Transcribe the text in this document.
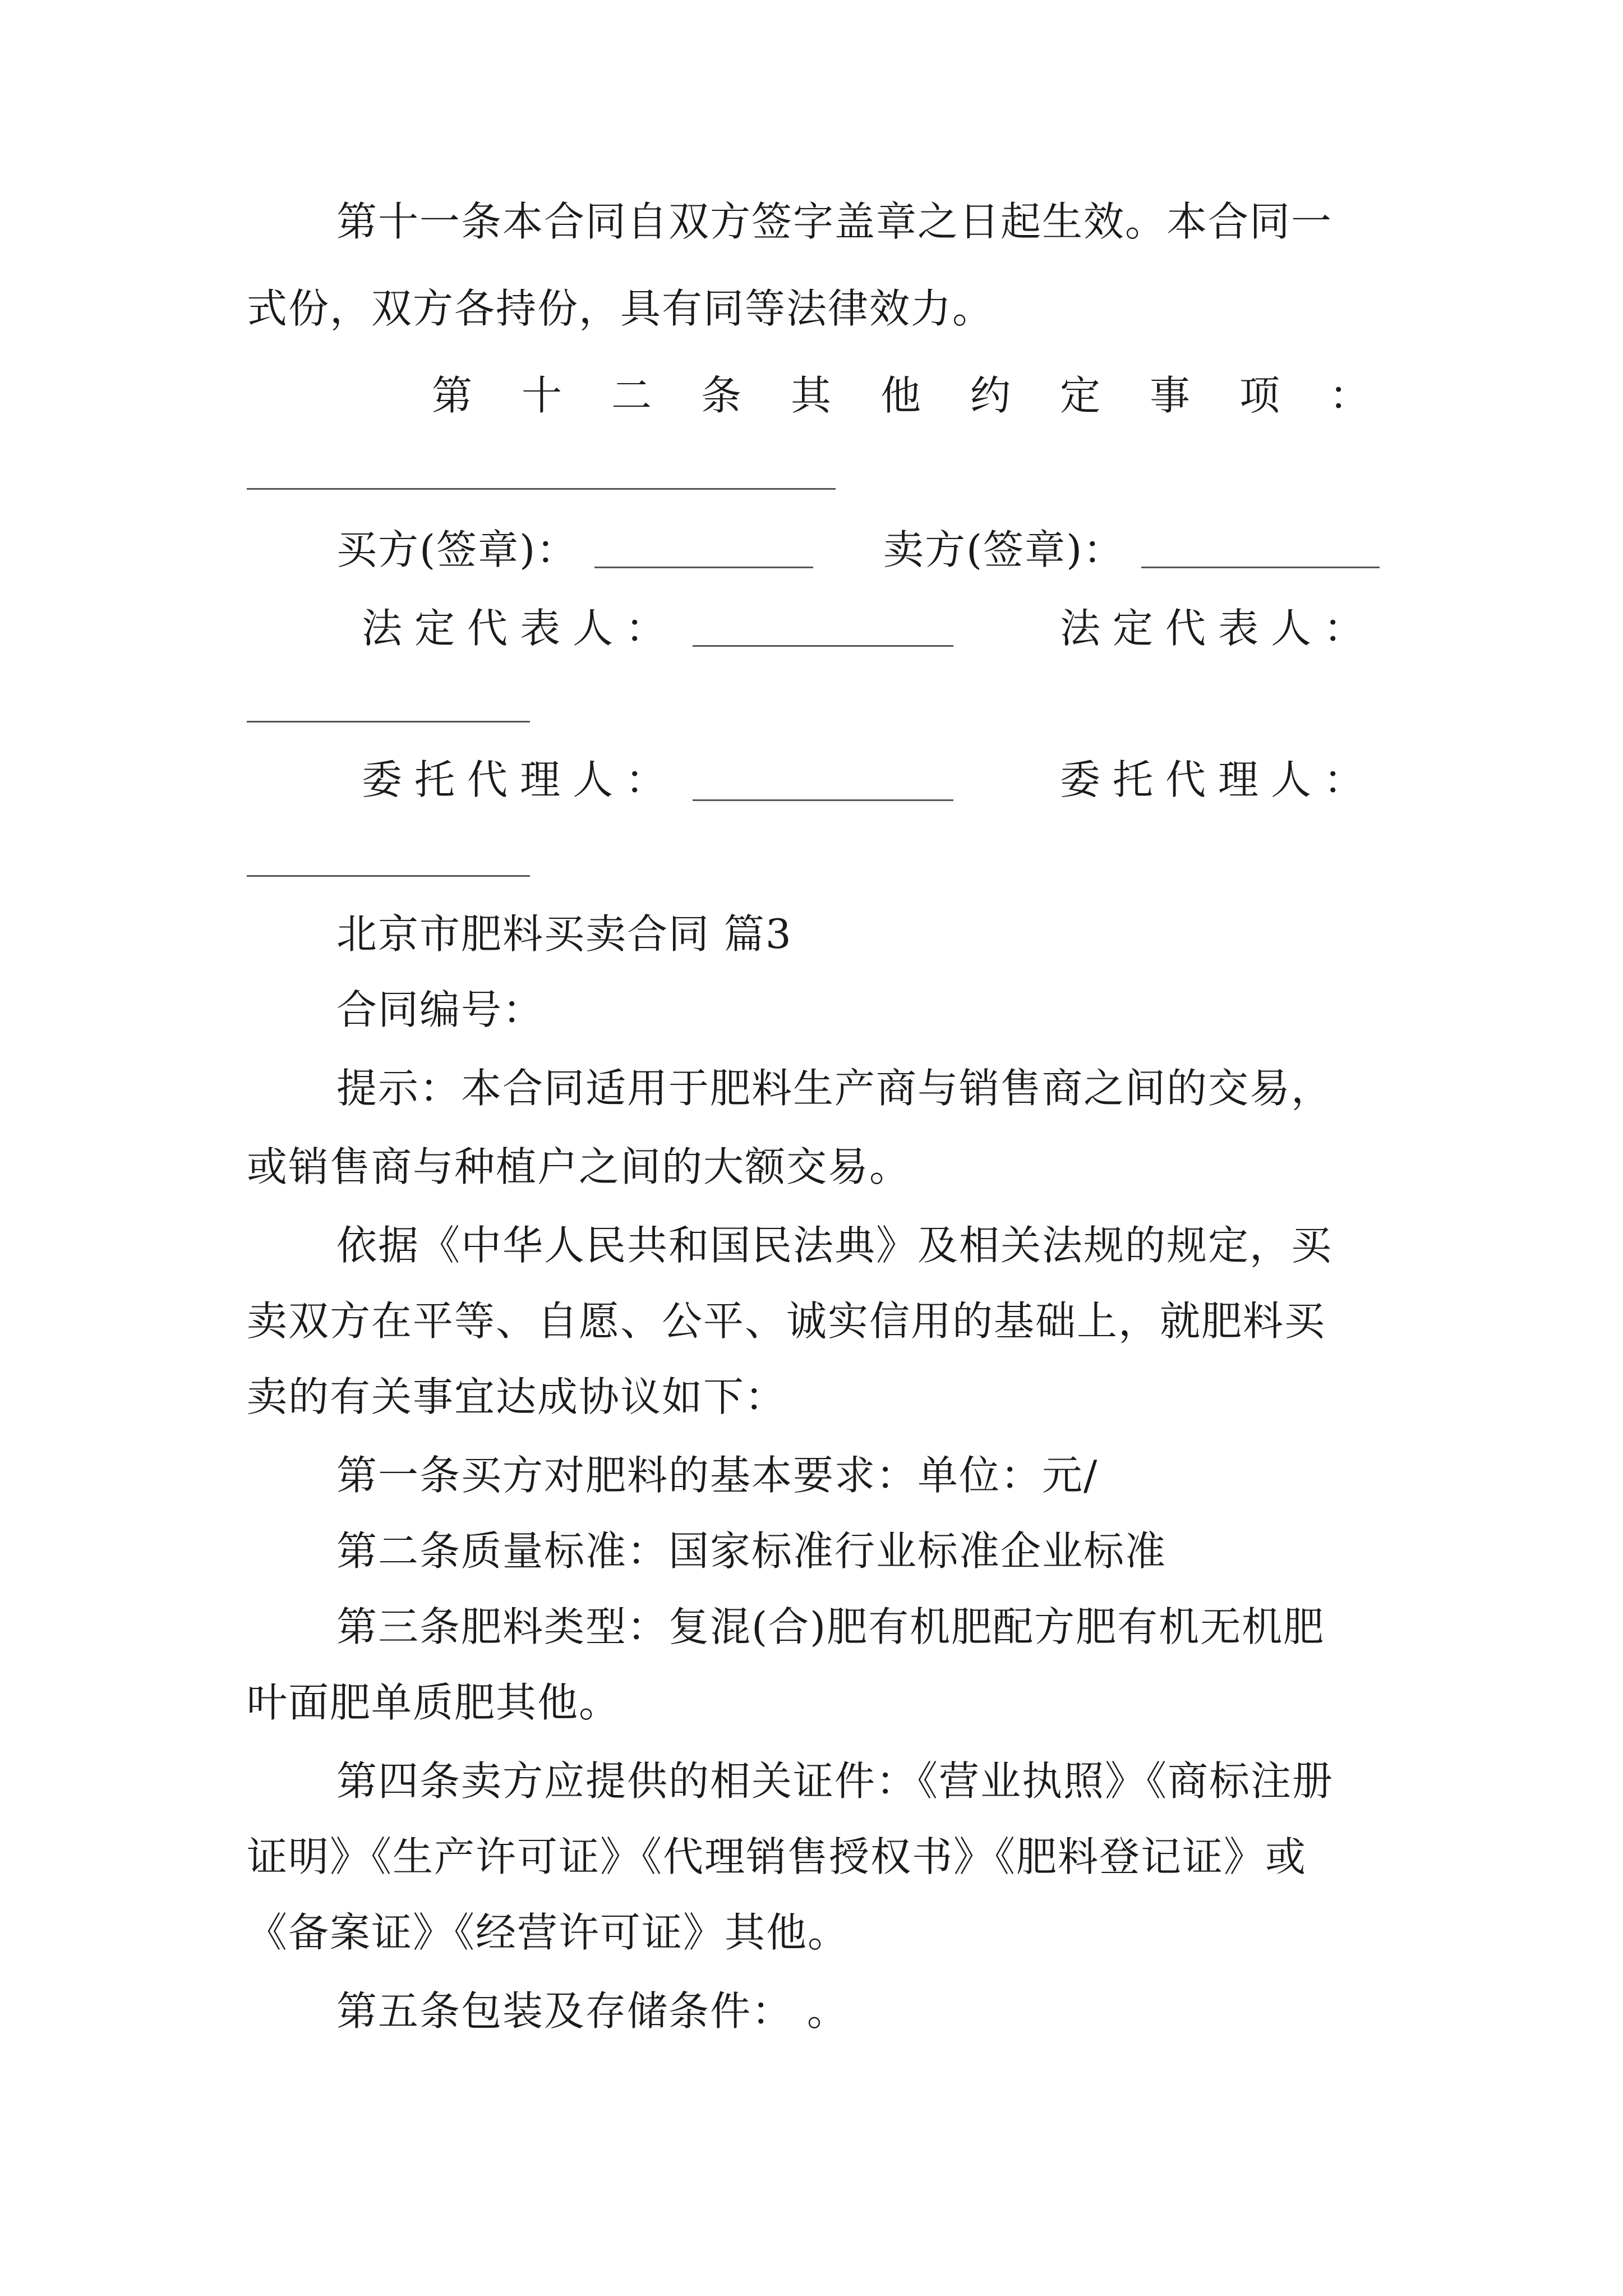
第十一条本合同自双方签字盖章之日起生效。本合同一
式份，双方各持份，具有同等法律效力。
第十二条其他约定事项：
买方(签章)：	卖方(签章)：
法定代表人：	法定代表人：
委托代理人：	委托代理人：
北京市肥料买卖合同 篇3
合同编号：
提示：本合同适用于肥料生产商与销售商之间的交易，
或销售商与种植户之间的大额交易。
依据《中华人民共和国民法典》及相关法规的规定，买
卖双方在平等、自愿、公平、诚实信用的基础上，就肥料买
卖的有关事宜达成协议如下：
第一条买方对肥料的基本要求：单位：元/
第二条质量标准：国家标准行业标准企业标准
第三条肥料类型：复混(合)肥有机肥配方肥有机无机肥
叶面肥单质肥其他。
第四条卖方应提供的相关证件：《营业执照》《商标注册
证明》《生产许可证》《代理销售授权书》《肥料登记证》或
《备案证》《经营许可证》其他。
第五条包装及存储条件： 。
